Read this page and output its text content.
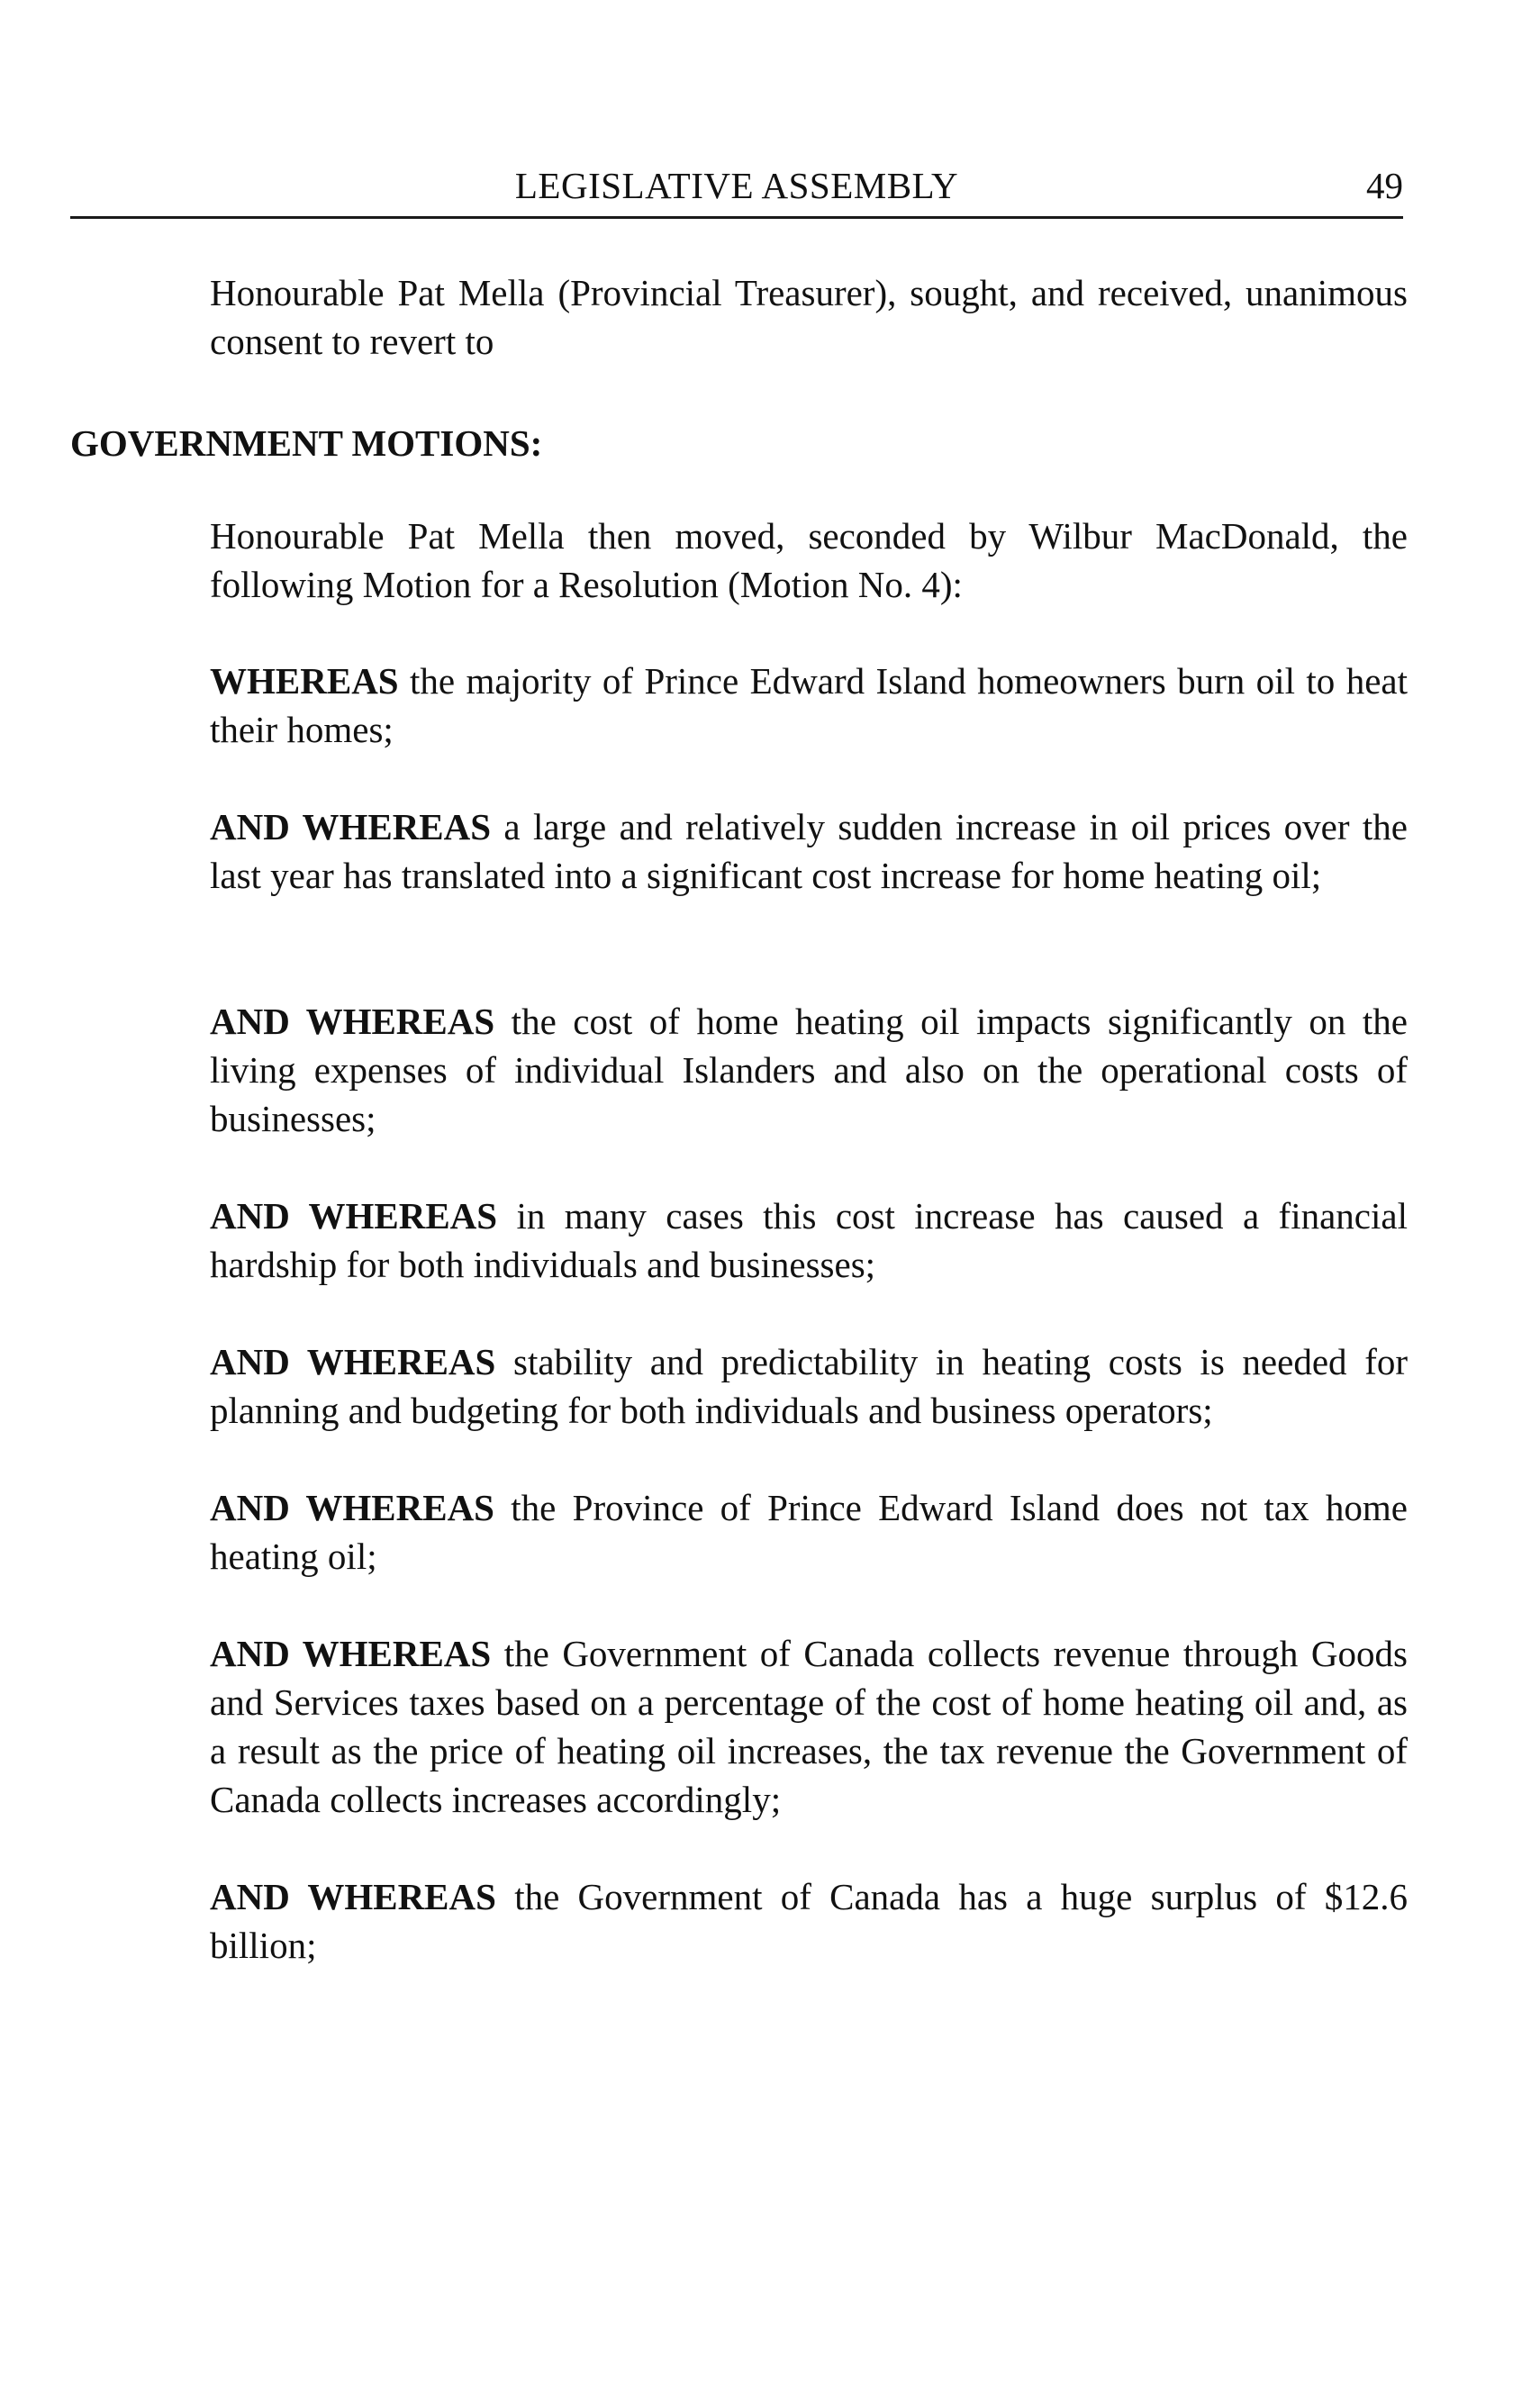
LEGISLATIVE ASSEMBLY	49

Honourable Pat Mella (Provincial Treasurer), sought, and received, unanimous consent to revert to

GOVERNMENT MOTIONS:

Honourable Pat Mella then moved, seconded by Wilbur MacDonald, the following Motion for a Resolution (Motion No. 4):

WHEREAS the majority of Prince Edward Island homeowners burn oil to heat their homes;

AND WHEREAS a large and relatively sudden increase in oil prices over the last year has translated into a significant cost increase for home heating oil;

AND WHEREAS the cost of home heating oil impacts significantly on the living expenses of individual Islanders and also on the operational costs of businesses;

AND WHEREAS in many cases this cost increase has caused a financial hardship for both individuals and businesses;

AND WHEREAS stability and predictability in heating costs is needed for planning and budgeting for both individuals and business operators;

AND WHEREAS the Province of Prince Edward Island does not tax home heating oil;

AND WHEREAS the Government of Canada collects revenue through Goods and Services taxes based on a percentage of the cost of home heating oil and, as a result as the price of heating oil increases, the tax revenue the Government of Canada collects increases accordingly;

AND WHEREAS the Government of Canada has a huge surplus of $12.6 billion;
